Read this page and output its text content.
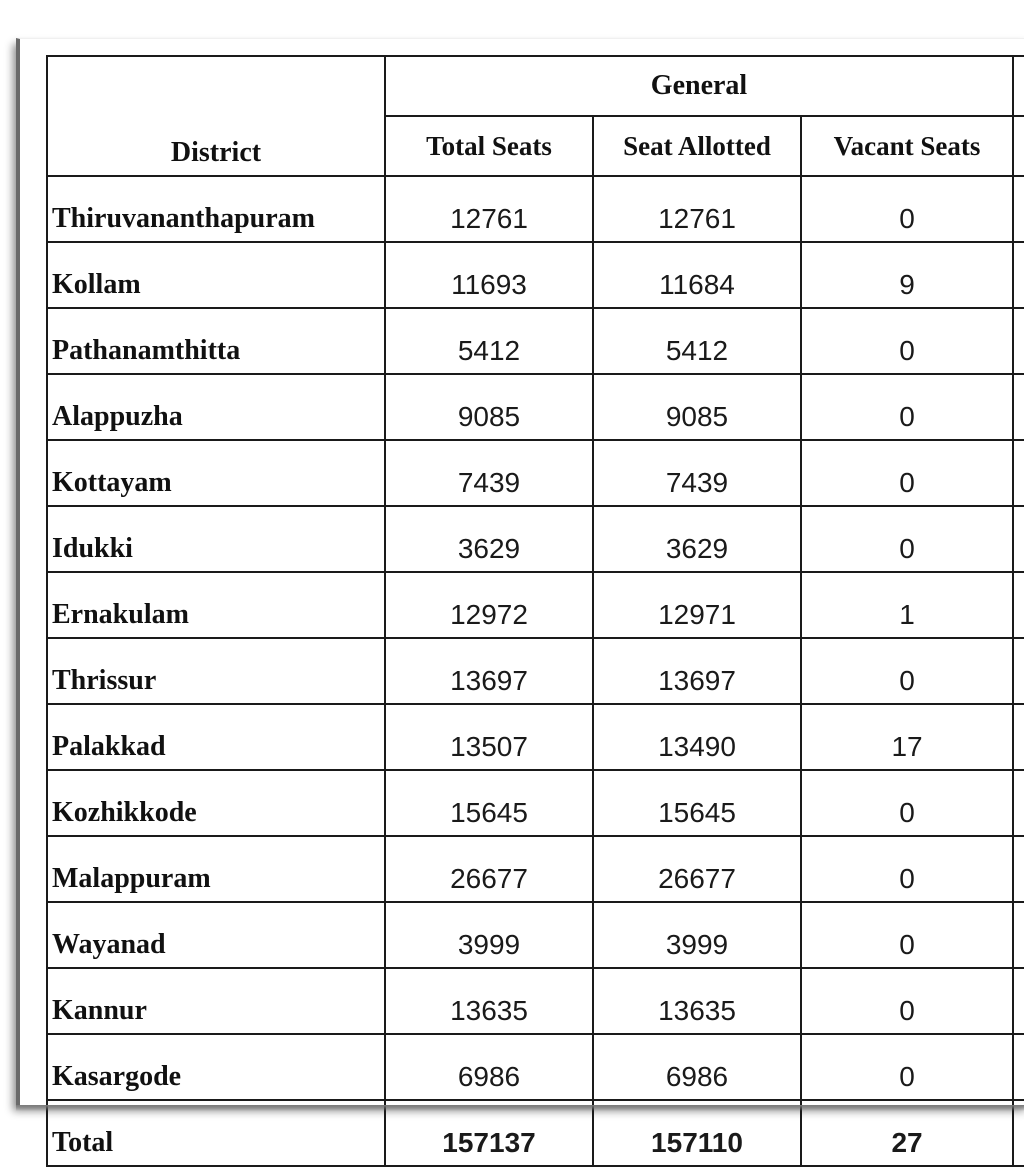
District	General			
	Total Seats	Seat Allotted	Vacant Seats	
Thiruvananthapuram	12761	12761	0	
Kollam	11693	11684	9	
Pathanamthitta	5412	5412	0	
Alappuzha	9085	9085	0	
Kottayam	7439	7439	0	
Idukki	3629	3629	0	
Ernakulam	12972	12971	1	
Thrissur	13697	13697	0	
Palakkad	13507	13490	17	
Kozhikkode	15645	15645	0	
Malappuram	26677	26677	0	
Wayanad	3999	3999	0	
Kannur	13635	13635	0	
Kasargode	6986	6986	0	
Total	157137	157110	27	
